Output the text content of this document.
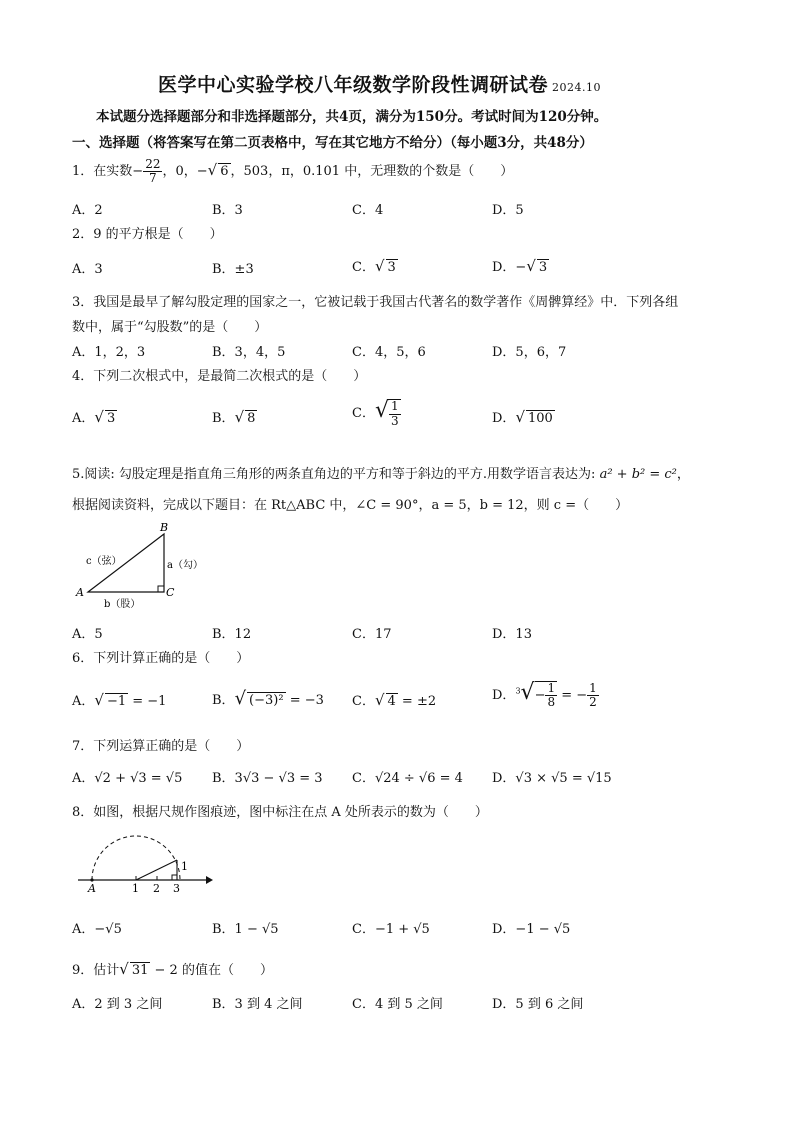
医学中心实验学校八年级数学阶段性调研试卷 2024.10
本试题分选择题部分和非选择题部分，共4页，满分为150分。考试时间为120分钟。
一、选择题（将答案写在第二页表格中，写在其它地方不给分）（每小题3分，共48分）
1．在实数− $\frac{22}{7}$ ，0，−√ 6 ，503，π，0.101 中，无理数的个数是（　　）
A．2	B．3	C．4	D．5
2．9 的平方根是（　　）
A．3	B．±3	C．√ 3	D．−√ 3
3．我国是最早了解勾股定理的国家之一，它被记载于我国古代著名的数学著作《周髀算经》中．下列各组
数中，属于“勾股数”的是（　　）
A．1，2，3	B．3，4，5	C．4，5，6	D．5，6，7
4．下列二次根式中，是最简二次根式的是（　　）
A．√ 3	B．√ 8	C．√ $\frac{1}{3}$	D．√ 100
5.阅读: 勾股定理是指直角三角形的两条直角边的平方和等于斜边的平方.用数学语言表达为: a² + b² = c²，
根据阅读资料，完成以下题目：在 Rt△ABC 中，∠C = 90°，a = 5，b = 12，则 c =（　　）
B
A	C
c（弦）	a（勾）
b（股）
A．5	B．12	C．17	D．13
6．下列计算正确的是（　　）
A．√ −1 = −1	B．√ (−3)² = −3 C．√ 4 = ±2	D．$^3√- \frac{1}{8}$ = − $\frac{1}{2}$
7．下列运算正确的是（　　）
A．√2 + √3 = √5 B．3√3 − √3 = 3 C．√24 ÷ √6 = 4 D．√3 × √5 = √15
8．如图，根据尺规作图痕迹，图中标注在点 A 处所表示的数为（　　）
A	1 2 3
1
A．−√5	B．1 − √5	C．−1 + √5	D．−1 − √5
9．估计√ 31 − 2 的值在（　　）
A．2 到 3 之间	B．3 到 4 之间	C．4 到 5 之间	D．5 到 6 之间
